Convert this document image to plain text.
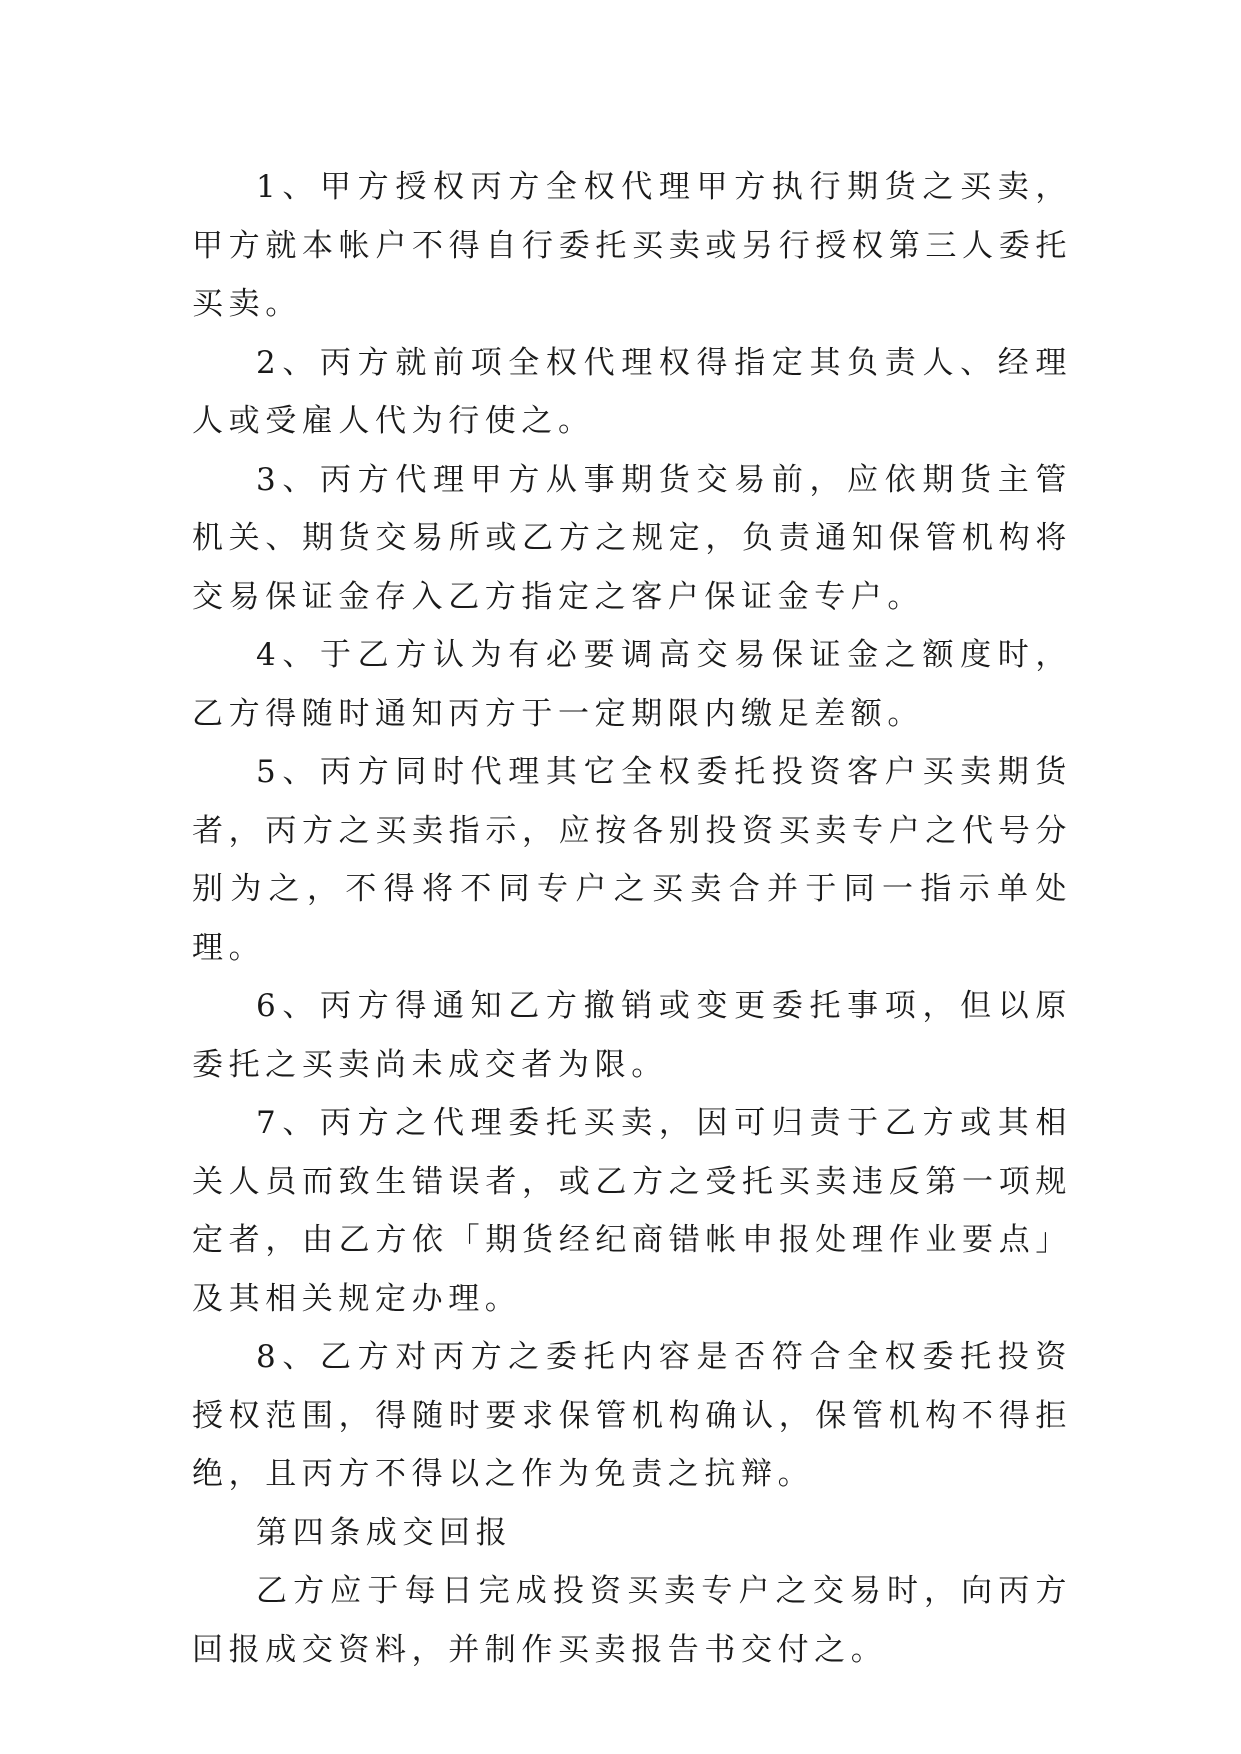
1、甲方授权丙方全权代理甲方执行期货之买卖，甲方就本帐户不得自行委托买卖或另行授权第三人委托买卖。

2、丙方就前项全权代理权得指定其负责人、经理人或受雇人代为行使之。

3、丙方代理甲方从事期货交易前，应依期货主管机关、期货交易所或乙方之规定，负责通知保管机构将交易保证金存入乙方指定之客户保证金专户。

4、于乙方认为有必要调高交易保证金之额度时，乙方得随时通知丙方于一定期限内缴足差额。

5、丙方同时代理其它全权委托投资客户买卖期货者，丙方之买卖指示，应按各别投资买卖专户之代号分别为之，不得将不同专户之买卖合并于同一指示单处理。

6、丙方得通知乙方撤销或变更委托事项，但以原委托之买卖尚未成交者为限。

7、丙方之代理委托买卖，因可归责于乙方或其相关人员而致生错误者，或乙方之受托买卖违反第一项规定者，由乙方依「期货经纪商错帐申报处理作业要点」及其相关规定办理。

8、乙方对丙方之委托内容是否符合全权委托投资授权范围，得随时要求保管机构确认，保管机构不得拒绝，且丙方不得以之作为免责之抗辩。

第四条成交回报

乙方应于每日完成投资买卖专户之交易时，向丙方回报成交资料，并制作买卖报告书交付之。
